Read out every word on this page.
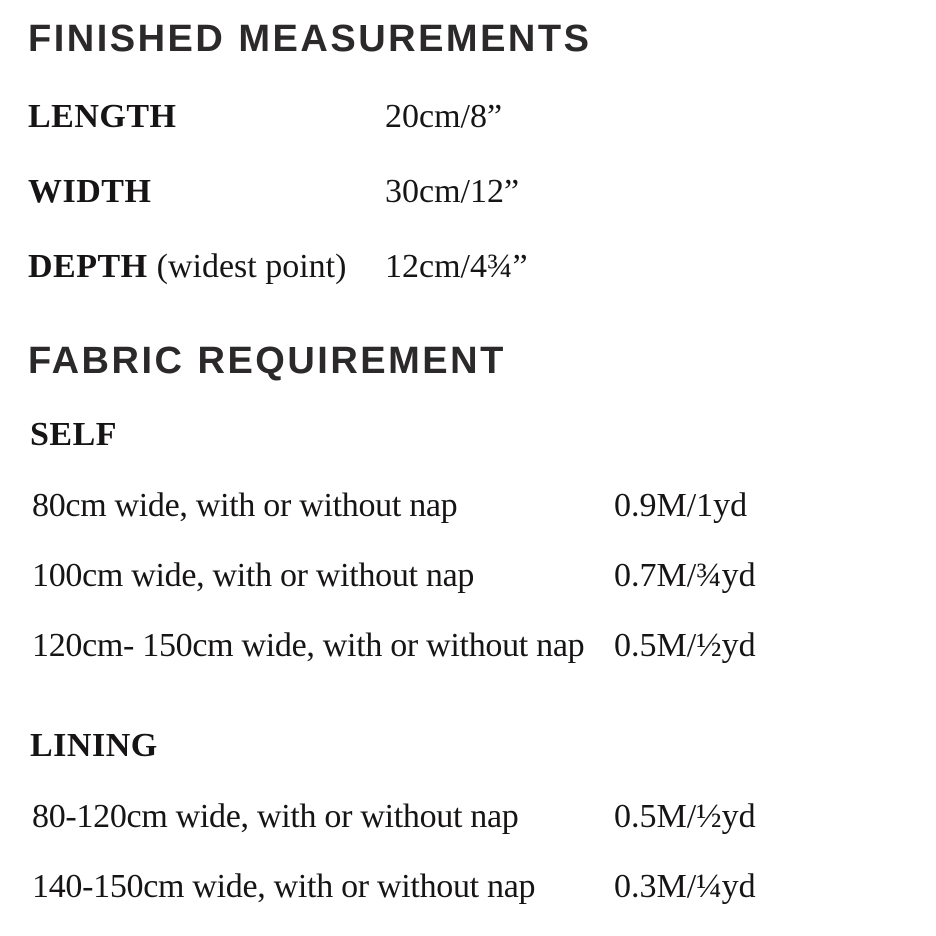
FINISHED MEASUREMENTS
LENGTH	20cm/8”
WIDTH	30cm/12”
DEPTH (widest point)	12cm/4¾”
FABRIC REQUIREMENT
SELF
80cm wide, with or without nap	0.9M/1yd
100cm wide, with or without nap	0.7M/¾yd
120cm- 150cm wide, with or without nap 0.5M/½yd
LINING
80-120cm wide, with or without nap	0.5M/½yd
140-150cm wide, with or without nap	0.3M/¼yd
